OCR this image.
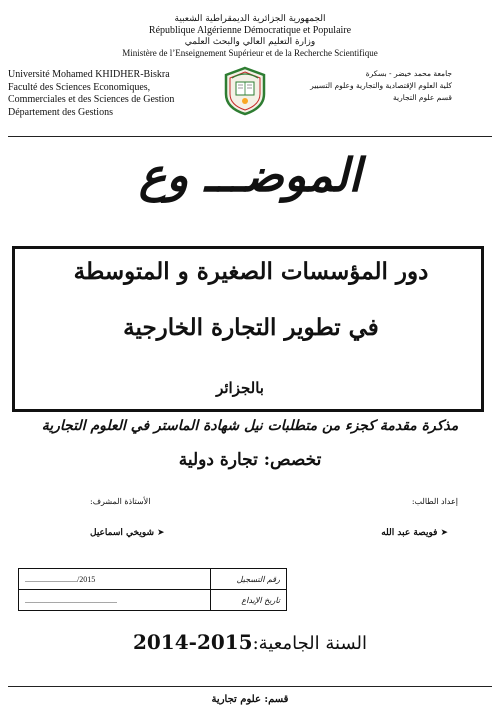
الجمهورية الجزائرية الديمقراطية الشعبية
République Algérienne Démocratique et Populaire
وزارة التعليم العالي والبحث العلمي
Ministère de l’Enseignement Supérieur et de la Recherche Scientifique
Université Mohamed KHIDHER-Biskra
Faculté des Sciences Economiques,
Commerciales et des Sciences de Gestion
Département des Gestions
جامعة محمد خيضر - بسكرة
كلية العلوم الإقتصادية والتجارية وعلوم التسيير
قسم علوم التجارية
الموضـــ وع
دور المؤسسات الصغيرة و المتوسطة
في تطوير التجارة الخارجية
بالجزائر
مذكرة مقدمة كجزء من متطلبات نيل شهادة الماستر في العلوم التجارية
تخصص: تجارة دولية
إعداد الطالب:
الأستاذة المشرف:
➤فويصة عبد الله
➤شويخي اسماعيل
........................../2015	رقم التسجيل
..............................................	تاريخ الإيداع
السنة الجامعية:2015-2014
قسم: علوم تجارية
